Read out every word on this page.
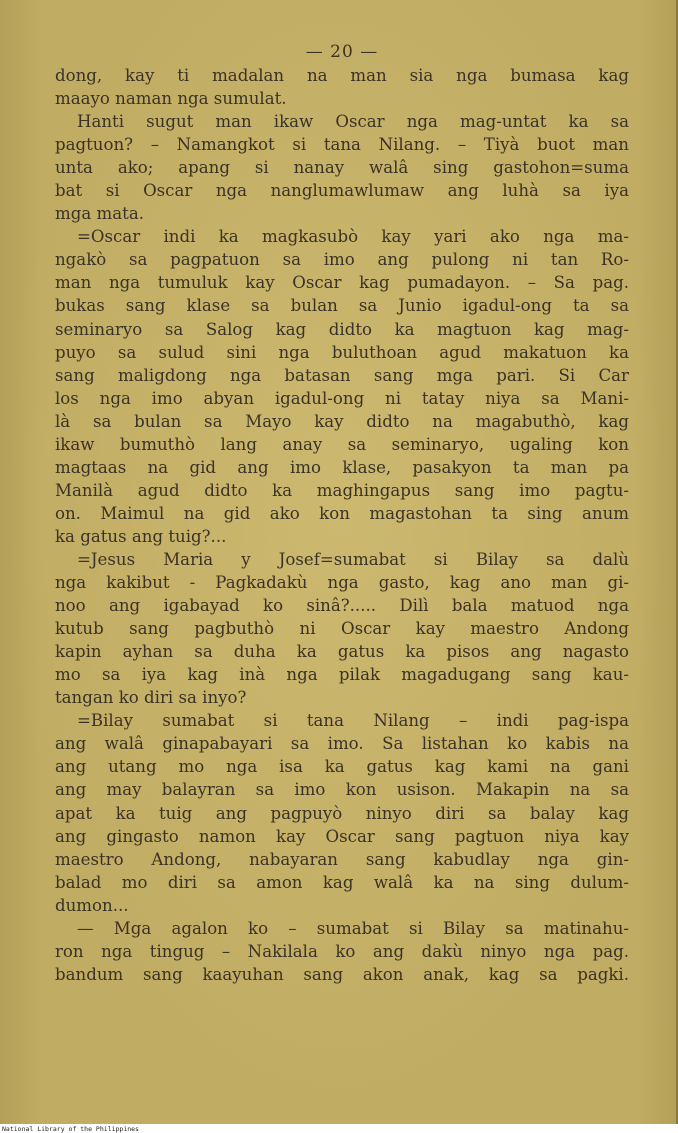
— 20 —
dong, kay ti madalan na man sia nga bumasa kag
maayo naman nga sumulat.
Hanti sugut man ikaw Oscar nga mag-untat ka sa
pagtuon? – Namangkot si tana Nilang. – Tiyà buot man
unta ako; apang si nanay walâ sing gastohon=suma
bat si Oscar nga nanglumawlumaw ang luhà sa iya
mga mata.
=Oscar indi ka magkasubò kay yari ako nga ma-
ngakò sa pagpatuon sa imo ang pulong ni tan Ro-
man nga tumuluk kay Oscar kag pumadayon. – Sa pag.
bukas sang klase sa bulan sa Junio igadul-ong ta sa
seminaryo sa Salog kag didto ka magtuon kag mag-
puyo sa sulud sini nga buluthoan agud makatuon ka
sang maligdong nga batasan sang mga pari. Si Car
los nga imo abyan igadul-ong ni tatay niya sa Mani-
là sa bulan sa Mayo kay didto na magabuthò, kag
ikaw bumuthò lang anay sa seminaryo, ugaling kon
magtaas na gid ang imo klase, pasakyon ta man pa
Manilà agud didto ka maghingapus sang imo pagtu-
on. Maimul na gid ako kon magastohan ta sing anum
ka gatus ang tuig?...
=Jesus Maria y Josef=sumabat si Bilay sa dalù
nga kakibut - Pagkadakù nga gasto, kag ano man gi-
noo ang igabayad ko sinâ?..... Dilì bala matuod nga
kutub sang pagbuthò ni Oscar kay maestro Andong
kapin ayhan sa duha ka gatus ka pisos ang nagasto
mo sa iya kag inà nga pilak magadugang sang kau-
tangan ko diri sa inyo?
=Bilay sumabat si tana Nilang – indi pag-ispa
ang walâ ginapabayari sa imo. Sa listahan ko kabis na
ang utang mo nga isa ka gatus kag kami na gani
ang may balayran sa imo kon usison. Makapin na sa
apat ka tuig ang pagpuyò ninyo diri sa balay kag
ang gingasto namon kay Oscar sang pagtuon niya kay
maestro Andong, nabayaran sang kabudlay nga gin-
balad mo diri sa amon kag walâ ka na sing dulum-
dumon...
— Mga agalon ko – sumabat si Bilay sa matinahu-
ron nga tingug – Nakilala ko ang dakù ninyo nga pag.
bandum sang kaayuhan sang akon anak, kag sa pagki.
National Library of the Philippines
